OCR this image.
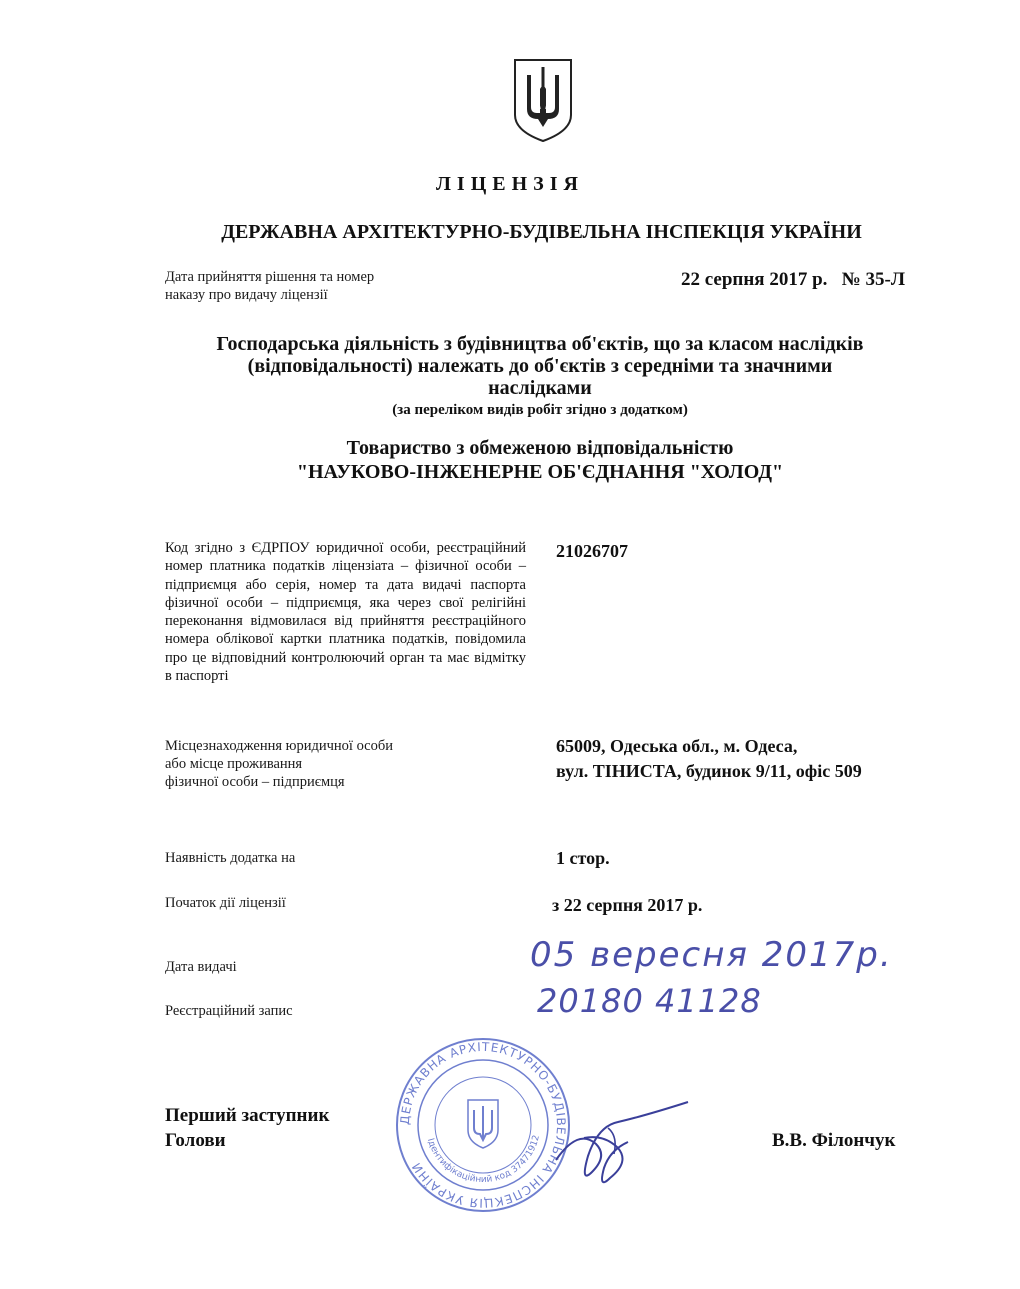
ЛІЦЕНЗІЯ
ДЕРЖАВНА АРХІТЕКТУРНО-БУДІВЕЛЬНА ІНСПЕКЦІЯ УКРАЇНИ
Дата прийняття рішення та номер
наказу про видачу ліцензії
22 серпня 2017 р.   № 35-Л
Господарська діяльність з будівництва об'єктів, що за класом наслідків
(відповідальності) належать до об'єктів з середніми та значними
наслідками
(за переліком видів робіт згідно з додатком)
Товариство з обмеженою відповідальністю
"НАУКОВО-ІНЖЕНЕРНЕ ОБ'ЄДНАННЯ "ХОЛОД"
Код згідно з ЄДРПОУ юридичної особи, реєстраційний номер платника податків ліцензіата – фізичної особи – підприємця або серія, номер та дата видачі паспорта фізичної особи – підприємця, яка через свої релігійні переконання відмовилася від прийняття реєстраційного номера облікової картки платника податків, повідомила про це відповідний контролюючий орган та має відмітку в паспорті
21026707
Місцезнаходження юридичної особи
або місце проживання
фізичної особи – підприємця
65009, Одеська обл., м. Одеса,
вул. ТІНИСТА, будинок 9/11, офіс 509
Наявність додатка на	1 стор.
Початок дії ліцензії	з 22 серпня 2017 р.
Дата видачі	05 вересня 2017р.
Реєстраційний запис	20180 41128
Перший заступник
Голови	В.В. Філончук
ДЕРЖАВНА АРХІТЕКТУРНО-БУДІВЕЛЬНА ІНСПЕКЦІЯ УКРАЇНИ
Ідентифікаційний код 37471912
